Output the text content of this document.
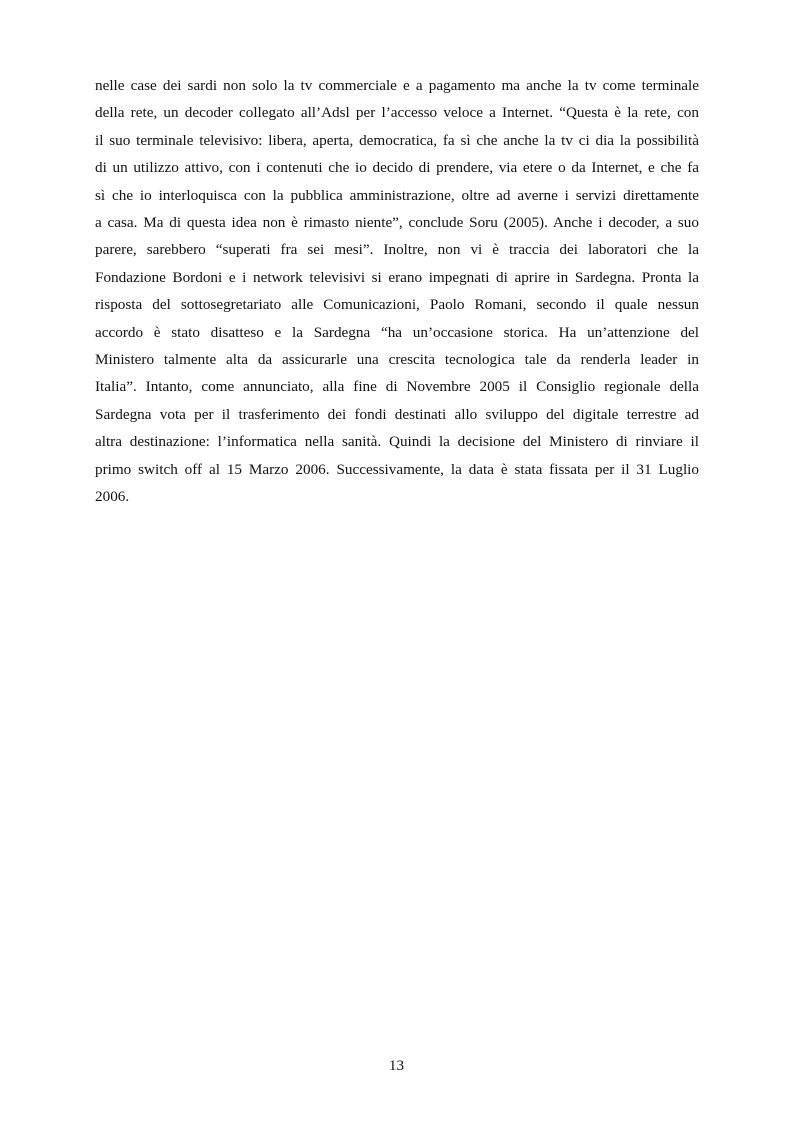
nelle case dei sardi non solo la tv commerciale e a pagamento ma anche la tv come terminale
della rete, un decoder collegato all’Adsl per l’accesso veloce a Internet. “Questa è la rete, con
il suo terminale televisivo: libera, aperta, democratica, fa sì che anche la tv ci dia la possibilità
di un utilizzo attivo, con i contenuti che io decido di prendere, via etere o da Internet, e che fa
sì che io interloquisca con la pubblica amministrazione, oltre ad averne i servizi direttamente
a casa. Ma di questa idea non è rimasto niente”, conclude Soru (2005). Anche i decoder, a suo
parere, sarebbero “superati fra sei mesi”. Inoltre, non vi è traccia dei laboratori che la
Fondazione Bordoni e i network televisivi si erano impegnati di aprire in Sardegna. Pronta la
risposta del sottosegretariato alle Comunicazioni, Paolo Romani, secondo il quale nessun
accordo è stato disatteso e la Sardegna “ha un’occasione storica. Ha un’attenzione del
Ministero talmente alta da assicurarle una crescita tecnologica tale da renderla leader in
Italia”. Intanto, come annunciato, alla fine di Novembre 2005 il Consiglio regionale della
Sardegna vota per il trasferimento dei fondi destinati allo sviluppo del digitale terrestre ad
altra destinazione: l’informatica nella sanità. Quindi la decisione del Ministero di rinviare il
primo switch off al 15 Marzo 2006. Successivamente, la data è stata fissata per il 31 Luglio
2006.
13
